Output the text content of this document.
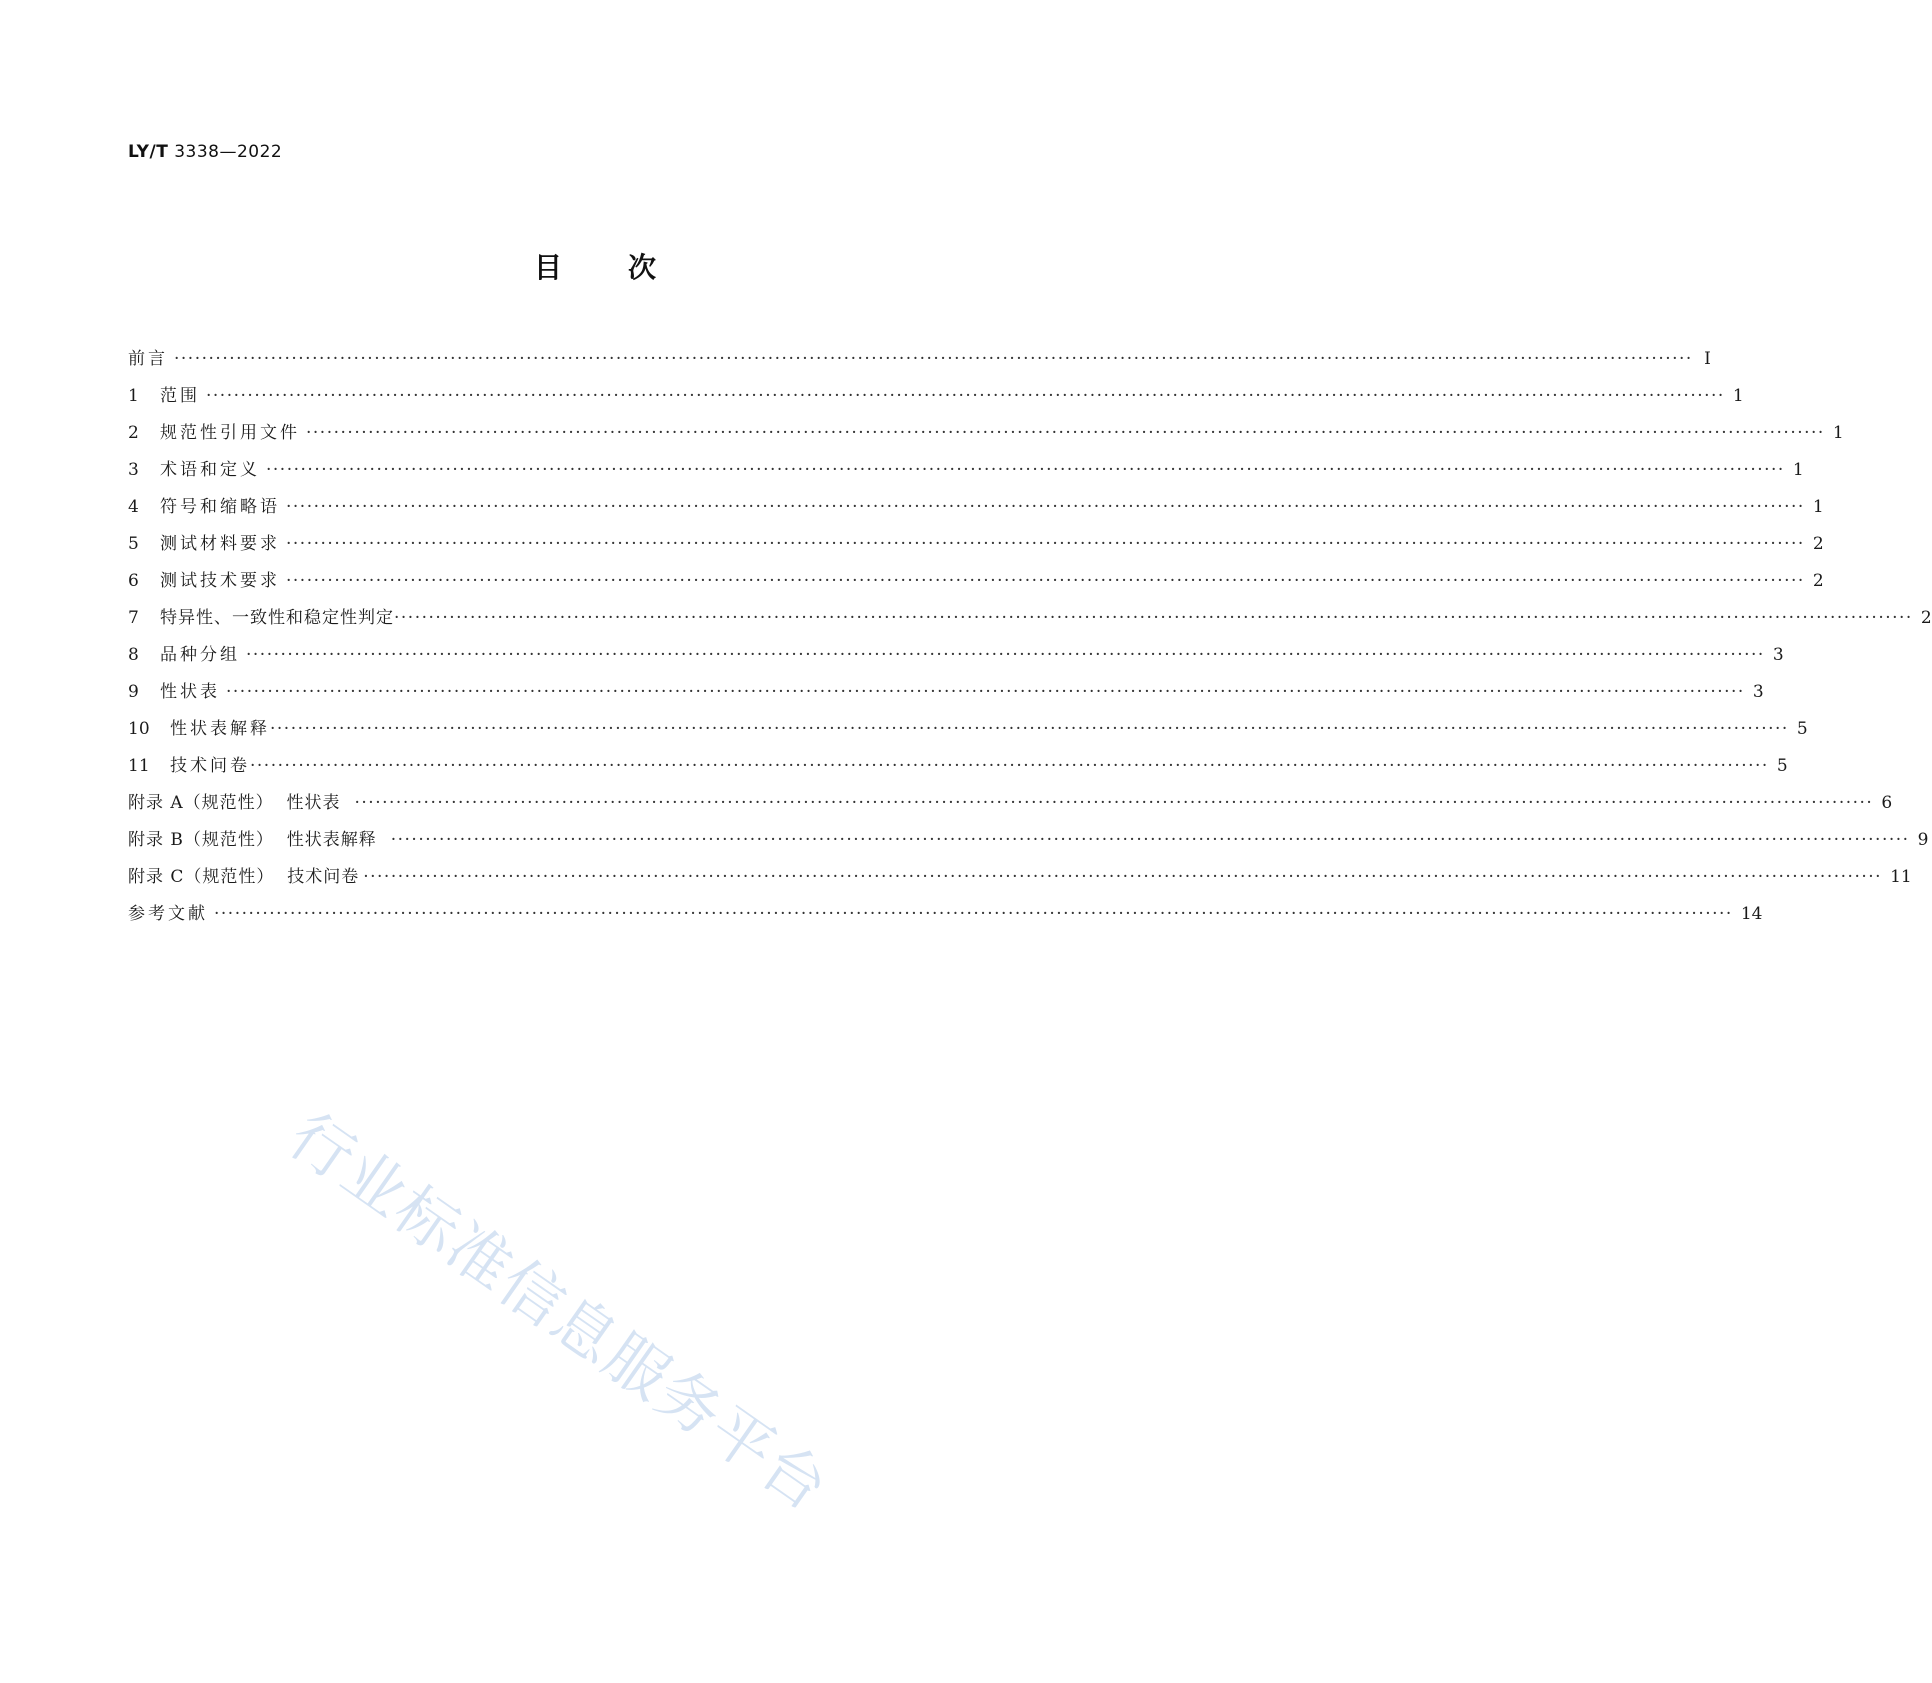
LY/T 3338—2022
目 次
前言 ···························································································································································································································· Ⅰ
1	范围 ···························································································································································································································· 1
2	规范性引用文件 ···························································································································································································································· 1
3	术语和定义 ···························································································································································································································· 1
4	符号和缩略语 ···························································································································································································································· 1
5	测试材料要求 ···························································································································································································································· 2
6	测试技术要求 ···························································································································································································································· 2
7	特异性、一致性和稳定性判定 ···························································································································································································································· 2
8	品种分组 ···························································································································································································································· 3
9	性状表 ···························································································································································································································· 3
10	性状表解释 ···························································································································································································································· 5
11	技术问卷 ···························································································································································································································· 5
附录 A（规范性）  性状表 ···························································································································································································································· 6
附录 B（规范性）  性状表解释 ···························································································································································································································· 9
附录 C（规范性）  技术问卷 ···························································································································································································································· 11
参考文献 ···························································································································································································································· 14
行业标准信息服务平台
